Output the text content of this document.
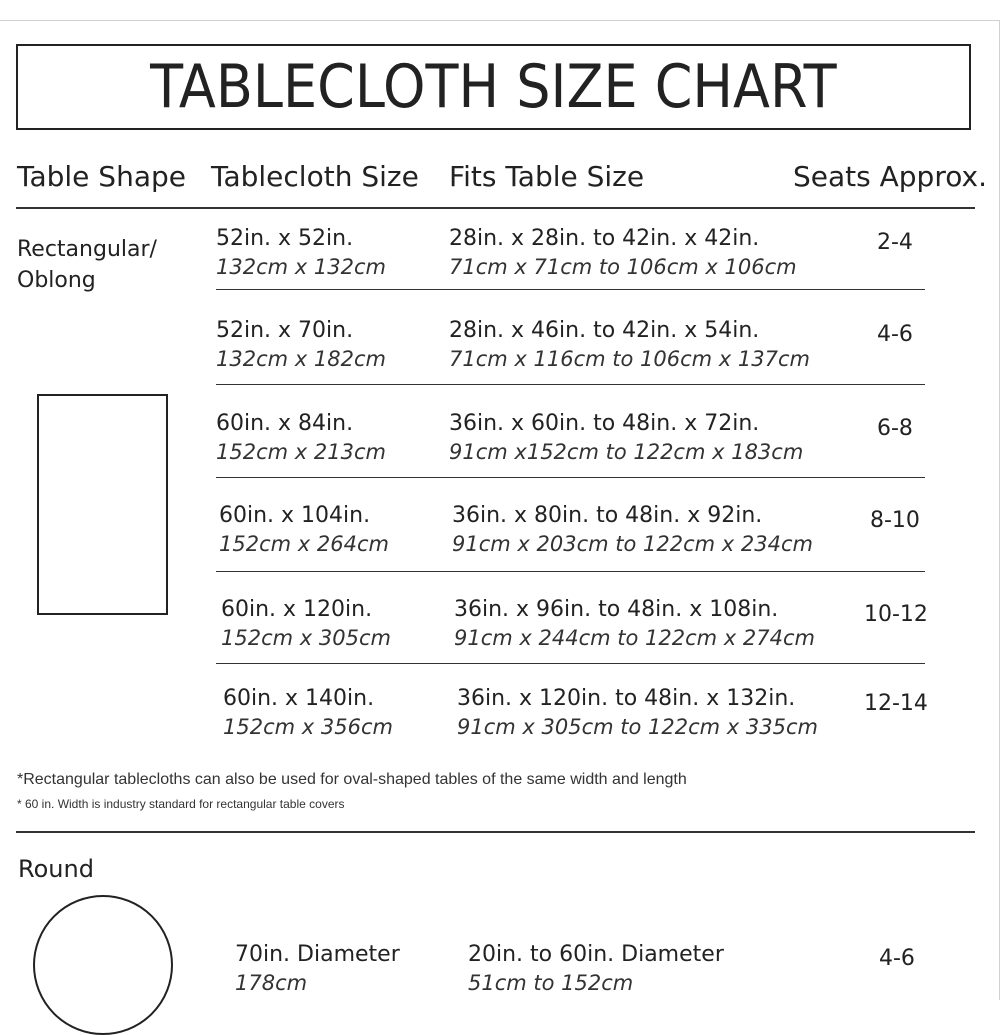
TABLECLOTH SIZE CHART
Table Shape Tablecloth Size Fits Table Size	Seats Approx.
Rectangular/
Oblong
52in. x 52in.
132cm x 132cm
28in. x 28in. to 42in. x 42in.
71cm x 71cm to 106cm x 106cm
2-4
52in. x 70in.
132cm x 182cm
28in. x 46in. to 42in. x 54in.
71cm x 116cm to 106cm x 137cm
4-6
60in. x 84in.
152cm x 213cm
36in. x 60in. to 48in. x 72in.
91cm x152cm to 122cm x 183cm
6-8
60in. x 104in.
152cm x 264cm
36in. x 80in. to 48in. x 92in.
91cm x 203cm to 122cm x 234cm
8-10
60in. x 120in.
152cm x 305cm
36in. x 96in. to 48in. x 108in.
91cm x 244cm to 122cm x 274cm
10-12
60in. x 140in.
152cm x 356cm
36in. x 120in. to 48in. x 132in.
91cm x 305cm to 122cm x 335cm
12-14
*Rectangular tablecloths can also be used for oval-shaped tables of the same width and length
* 60 in. Width is industry standard for rectangular table covers
Round
70in. Diameter
178cm
20in. to 60in. Diameter
51cm to 152cm
4-6
